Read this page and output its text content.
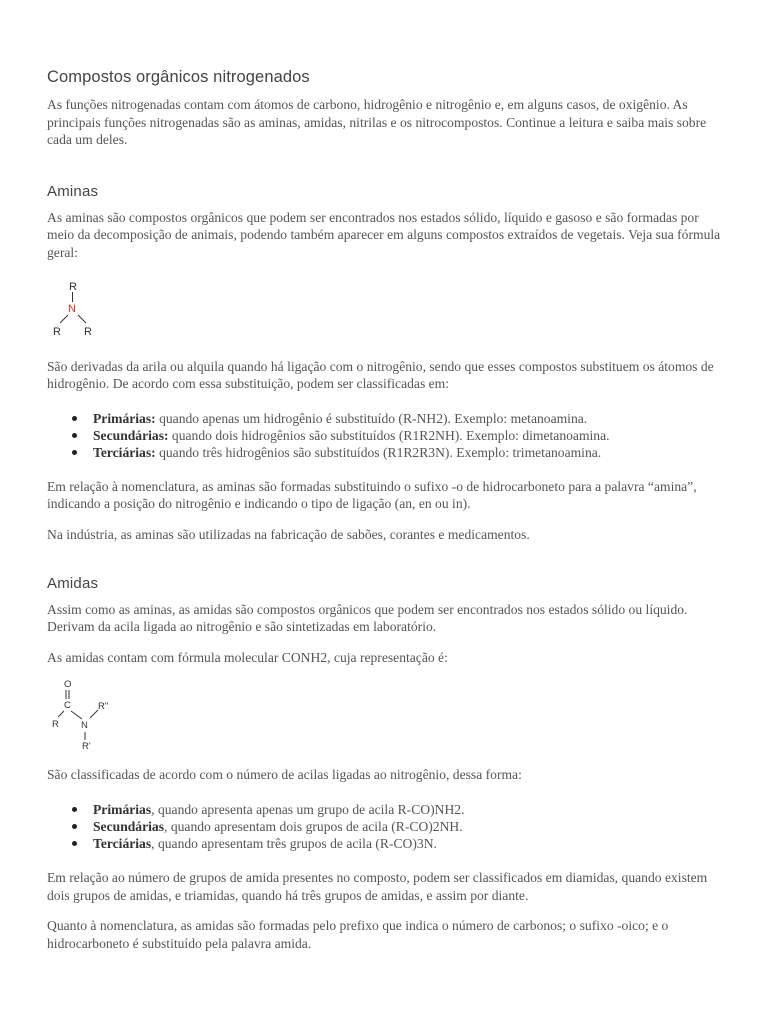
Compostos orgânicos nitrogenados

As funções nitrogenadas contam com átomos de carbono, hidrogênio e nitrogênio e, em alguns casos, de oxigênio. As principais funções nitrogenadas são as aminas, amidas, nitrilas e os nitrocompostos. Continue a leitura e saiba mais sobre cada um deles.

Aminas

As aminas são compostos orgânicos que podem ser encontrados nos estados sólido, líquido e gasoso e são formadas por meio da decomposição de animais, podendo também aparecer em alguns compostos extraídos de vegetais. Veja sua fórmula geral:

R
N
R R

São derivadas da arila ou alquila quando há ligação com o nitrogênio, sendo que esses compostos substituem os átomos de hidrogênio. De acordo com essa substituição, podem ser classificadas em:

Primárias: quando apenas um hidrogênio é substituído (R-NH2). Exemplo: metanoamina.
Secundárias: quando dois hidrogênios são substituídos (R1R2NH). Exemplo: dimetanoamina.
Terciárias: quando três hidrogênios são substituídos (R1R2R3N). Exemplo: trimetanoamina.

Em relação à nomenclatura, as aminas são formadas substituindo o sufixo -o de hidrocarboneto para a palavra “amina”, indicando a posição do nitrogênio e indicando o tipo de ligação (an, en ou in).

Na indústria, as aminas são utilizadas na fabricação de sabões, corantes e medicamentos.

Amidas

Assim como as aminas, as amidas são compostos orgânicos que podem ser encontrados nos estados sólido ou líquido. Derivam da acila ligada ao nitrogênio e são sintetizadas em laboratório.

As amidas contam com fórmula molecular CONH2, cuja representação é:

O
C
R N
R"
R'

São classificadas de acordo com o número de acilas ligadas ao nitrogênio, dessa forma:

Primárias, quando apresenta apenas um grupo de acila R-CO)NH2.
Secundárias, quando apresentam dois grupos de acila (R-CO)2NH.
Terciárias, quando apresentam três grupos de acila (R-CO)3N.

Em relação ao número de grupos de amida presentes no composto, podem ser classificados em diamidas, quando existem dois grupos de amidas, e triamidas, quando há três grupos de amidas, e assim por diante.

Quanto à nomenclatura, as amidas são formadas pelo prefixo que indica o número de carbonos; o sufixo -oico; e o hidrocarboneto é substituído pela palavra amida.
